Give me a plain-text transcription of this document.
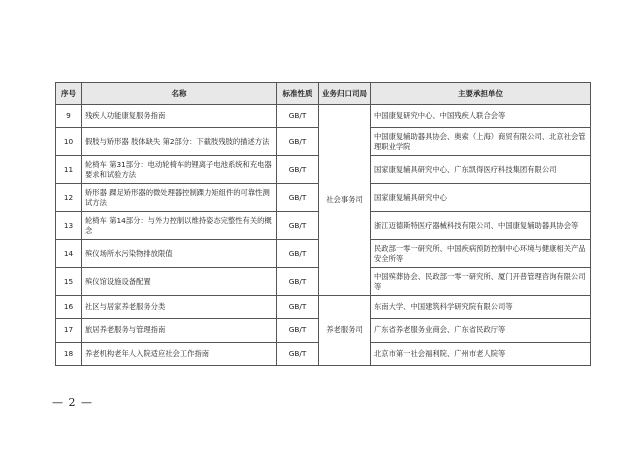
序号	名称	标准性质	业务归口司局	主要承担单位
9	残疾人功能康复服务指南	GB/T	社会事务司	中国康复研究中心、中国残疾人联合会等
10	假肢与矫形器 肢体缺失 第2部分：下截肢残肢的描述方法	GB/T		中国康复辅助器具协会、奥索（上海）商贸有限公司、北京社会管理职业学院
11	轮椅车 第31部分：电动轮椅车的锂离子电池系统和充电器 要求和试验方法	GB/T		国家康复辅具研究中心、广东凯得医疗科技集团有限公司
12	矫形器 踝足矫形器的微处理器控制踝力矩组件的可靠性测试方法	GB/T		国家康复辅具研究中心
13	轮椅车 第14部分：与外力控制以维持姿态完整性有关的概念	GB/T		浙江迈德斯特医疗器械科技有限公司、中国康复辅助器具协会等
14	殡仪场所水污染物排放限值	GB/T		民政部一零一研究所、中国疾病预防控制中心环境与健康相关产品安全所等
15	殡仪馆设施设备配置	GB/T		中国殡葬协会、民政部一零一研究所、厦门开普管理咨询有限公司等
16	社区与居家养老服务分类	GB/T	养老服务司	东南大学、中国建筑科学研究院有限公司等
17	旅居养老服务与管理指南	GB/T		广东省养老服务业商会、广东省民政厅等
18	养老机构老年人入院适应社会工作指南	GB/T		北京市第一社会福利院、广州市老人院等
— 2 —
